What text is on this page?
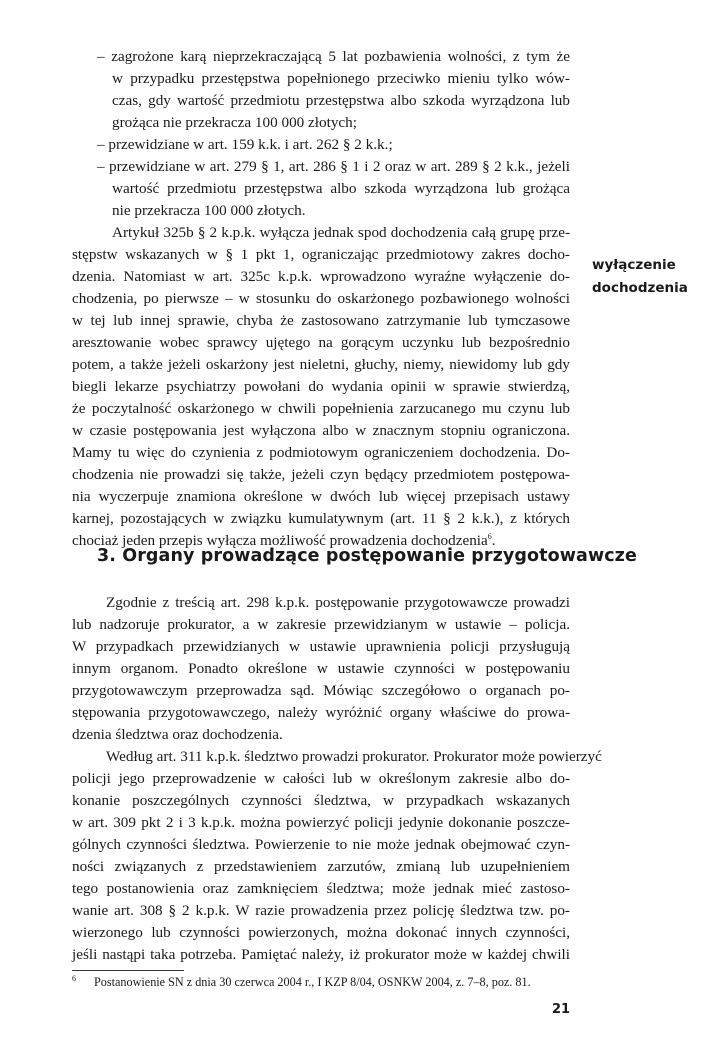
– zagrożone karą nieprzekraczającą 5 lat pozbawienia wolności, z tym że

w przypadku przestępstwa popełnionego przeciwko mieniu tylko wów-

czas, gdy wartość przedmiotu przestępstwa albo szkoda wyrządzona lub

grożąca nie przekracza 100 000 złotych;

– przewidziane w art. 159 k.k. i art. 262 § 2 k.k.;

– przewidziane w art. 279 § 1, art. 286 § 1 i 2 oraz w art. 289 § 2 k.k., jeżeli

wartość przedmiotu przestępstwa albo szkoda wyrządzona lub grożąca

nie przekracza 100 000 złotych.

Artykuł 325b § 2 k.p.k. wyłącza jednak spod dochodzenia całą grupę prze-

stępstw wskazanych w § 1 pkt 1, ograniczając przedmiotowy zakres docho-

dzenia. Natomiast w art. 325c k.p.k. wprowadzono wyraźne wyłączenie do-

chodzenia, po pierwsze – w stosunku do oskarżonego pozbawionego wolności

w tej lub innej sprawie, chyba że zastosowano zatrzymanie lub tymczasowe

aresztowanie wobec sprawcy ujętego na gorącym uczynku lub bezpośrednio

potem, a także jeżeli oskarżony jest nieletni, głuchy, niemy, niewidomy lub gdy

biegli lekarze psychiatrzy powołani do wydania opinii w sprawie stwierdzą,

że poczytalność oskarżonego w chwili popełnienia zarzucanego mu czynu lub

w czasie postępowania jest wyłączona albo w znacznym stopniu ograniczona.

Mamy tu więc do czynienia z podmiotowym ograniczeniem dochodzenia. Do-

chodzenia nie prowadzi się także, jeżeli czyn będący przedmiotem postępowa-

nia wyczerpuje znamiona określone w dwóch lub więcej przepisach ustawy

karnej, pozostających w związku kumulatywnym (art. 11 § 2 k.k.), z których

chociaż jeden przepis wyłącza możliwość prowadzenia dochodzenia$^6$.

wyłączenie
dochodzenia
3. Organy prowadzące postępowanie przygotowawcze

Zgodnie z treścią art. 298 k.p.k. postępowanie przygotowawcze prowadzi

lub nadzoruje prokurator, a w zakresie przewidzianym w ustawie – policja.

W przypadkach przewidzianych w ustawie uprawnienia policji przysługują

innym organom. Ponadto określone w ustawie czynności w postępowaniu

przygotowawczym przeprowadza sąd. Mówiąc szczegółowo o organach po-

stępowania przygotowawczego, należy wyróżnić organy właściwe do prowa-

dzenia śledztwa oraz dochodzenia.

Według art. 311 k.p.k. śledztwo prowadzi prokurator. Prokurator może powierzyć

policji jego przeprowadzenie w całości lub w określonym zakresie albo do-

konanie poszczególnych czynności śledztwa, w przypadkach wskazanych

w art. 309 pkt 2 i 3 k.p.k. można powierzyć policji jedynie dokonanie poszcze-

gólnych czynności śledztwa. Powierzenie to nie może jednak obejmować czyn-

ności związanych z przedstawieniem zarzutów, zmianą lub uzupełnieniem

tego postanowienia oraz zamknięciem śledztwa; może jednak mieć zastoso-

wanie art. 308 § 2 k.p.k. W razie prowadzenia przez policję śledztwa tzw. po-

wierzonego lub czynności powierzonych, można dokonać innych czynności,

jeśli nastąpi taka potrzeba. Pamiętać należy, iż prokurator może w każdej chwili

$^6$ Postanowienie SN z dnia 30 czerwca 2004 r., I KZP 8/04, OSNKW 2004, z. 7–8, poz. 81.
21
